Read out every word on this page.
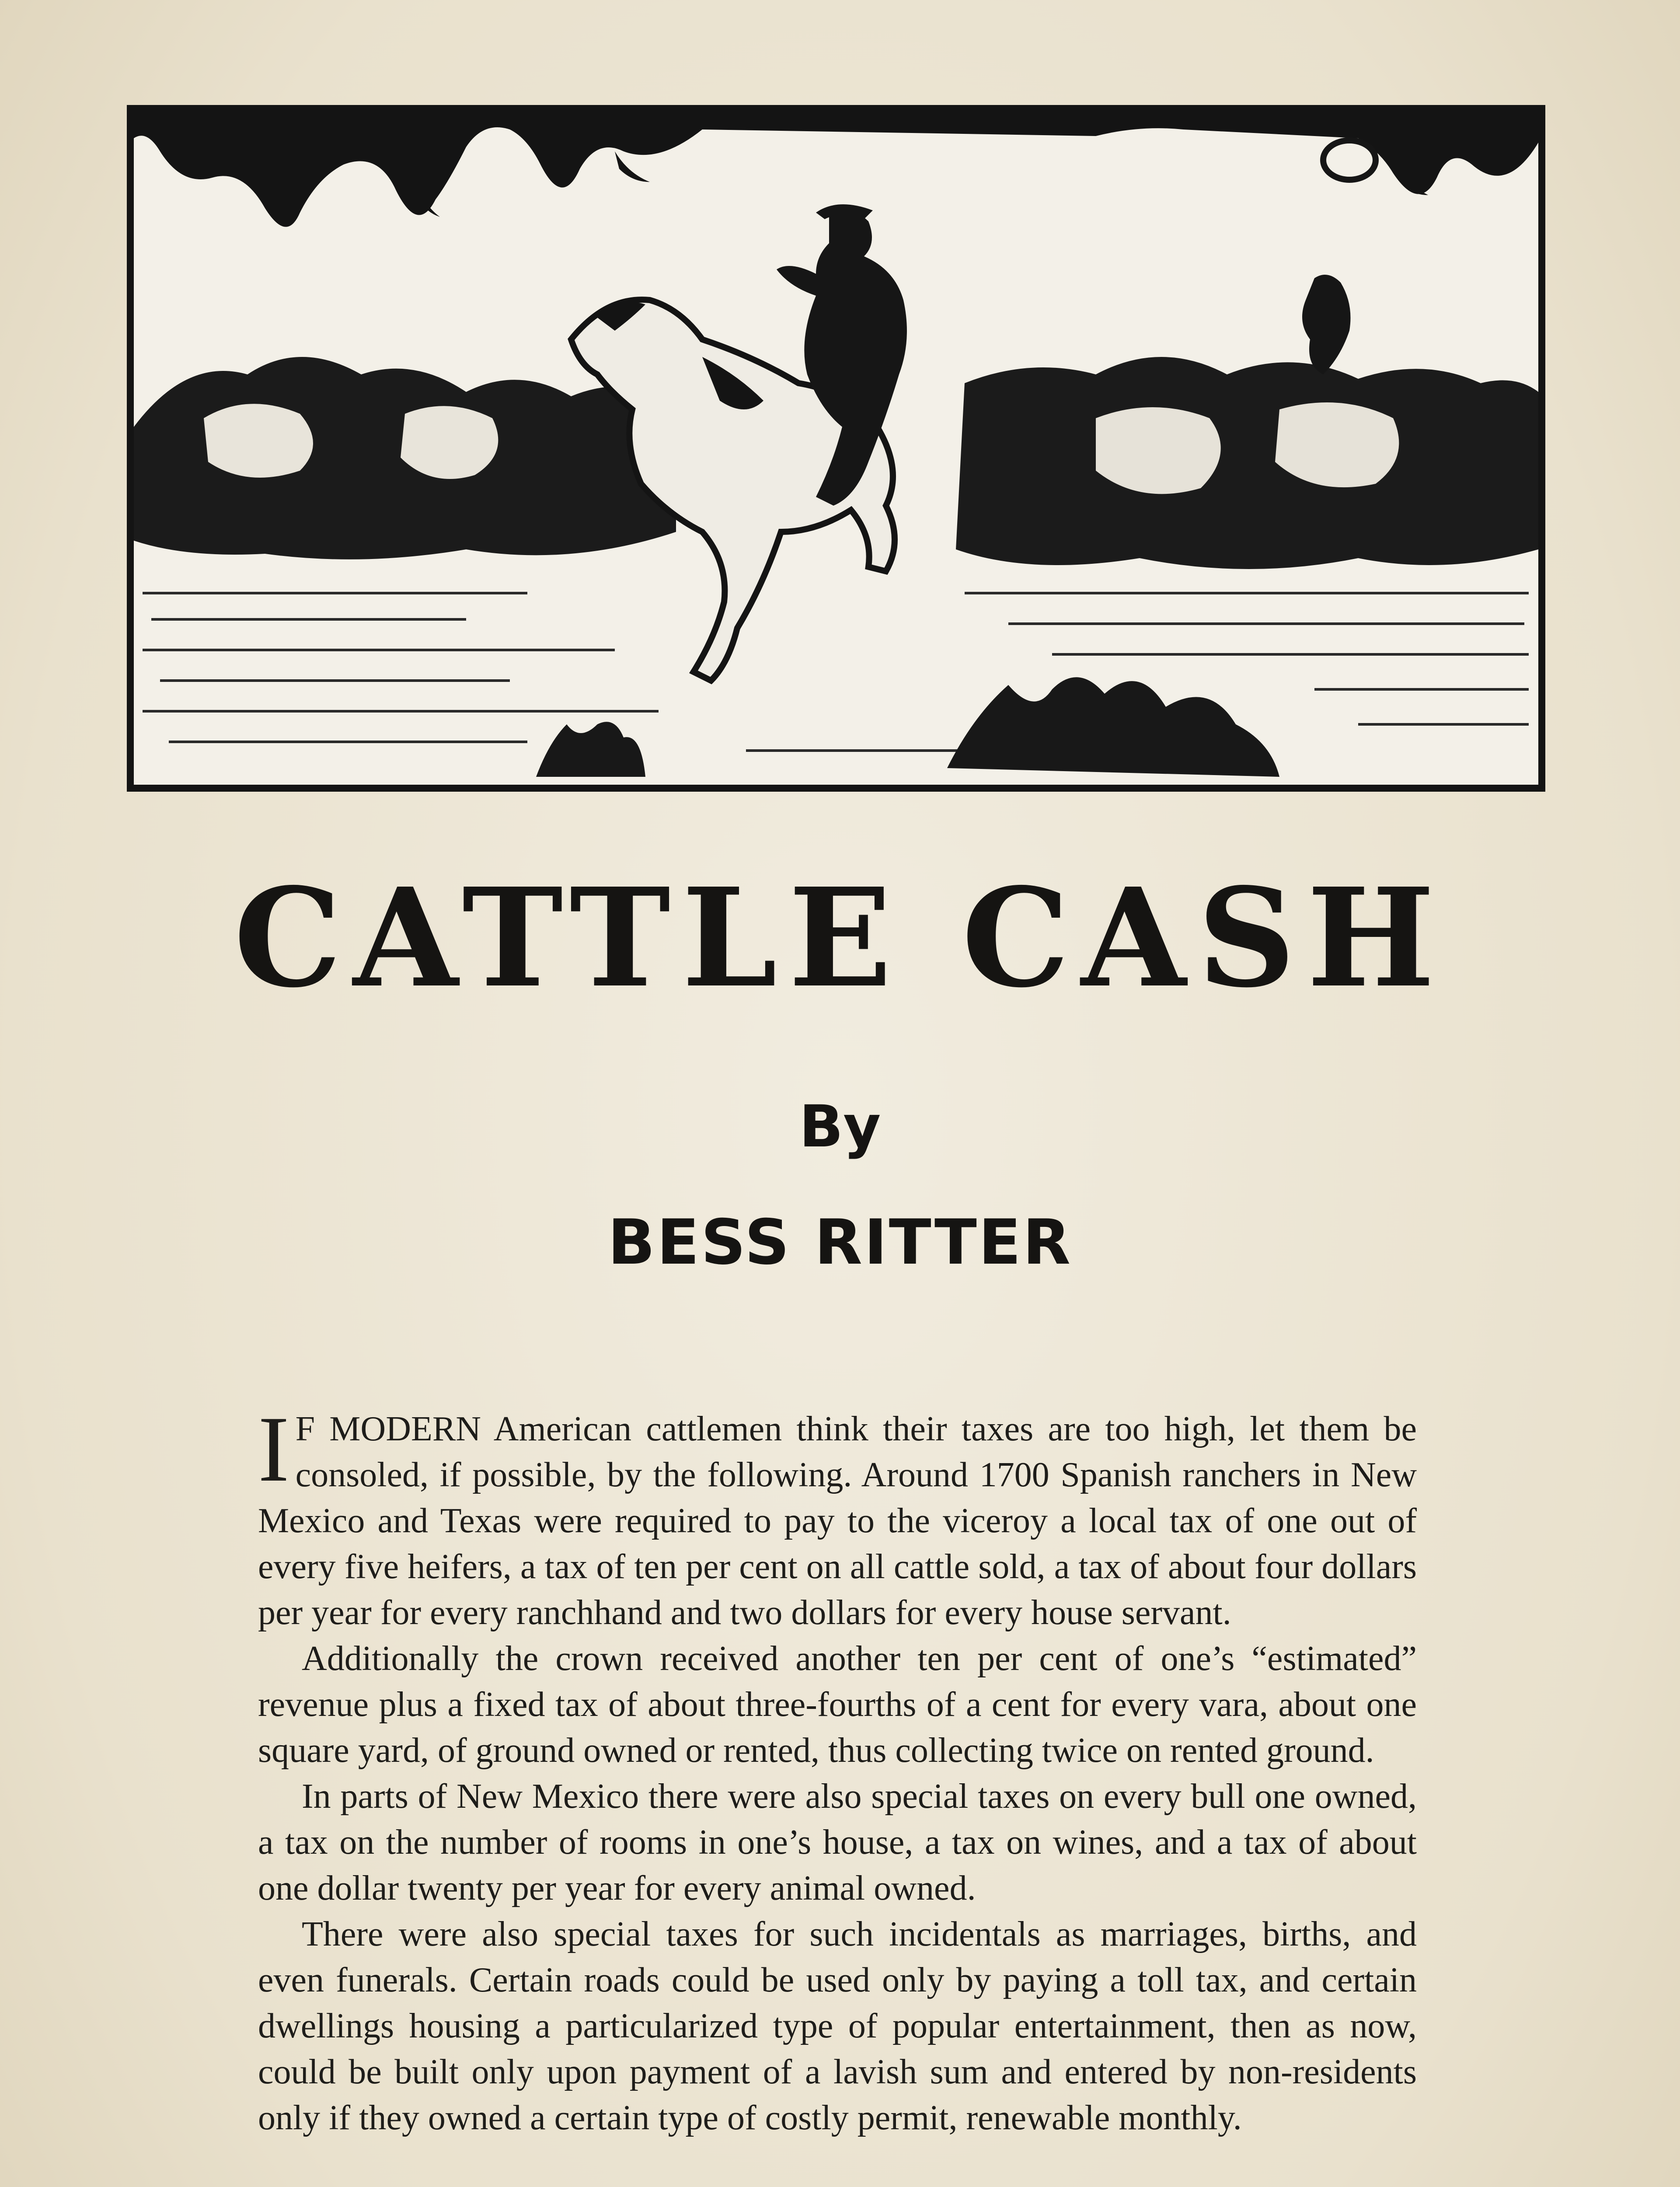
CATTLE CASH
By
BESS RITTER

I F MODERN American cattlemen think their taxes are too high, let them be consoled, if possible, by the following. Around 1700 Spanish ranchers in New Mexico and Texas were required to pay to the viceroy a local tax of one out of every five heifers, a tax of ten per cent on all cattle sold, a tax of about four dollars per year for every ranchhand and two dollars for every house servant.

Additionally the crown received another ten per cent of one’s “estimated” revenue plus a fixed tax of about three-fourths of a cent for every vara, about one square yard, of ground owned or rented, thus collecting twice on rented ground.

In parts of New Mexico there were also special taxes on every bull one owned, a tax on the number of rooms in one’s house, a tax on wines, and a tax of about one dollar twenty per year for every animal owned.

There were also special taxes for such incidentals as marriages, births, and even funerals. Certain roads could be used only by paying a toll tax, and certain dwellings housing a particularized type of popular entertainment, then as now, could be built only upon payment of a lavish sum and entered by non-residents only if they owned a certain type of costly permit, renewable monthly.
